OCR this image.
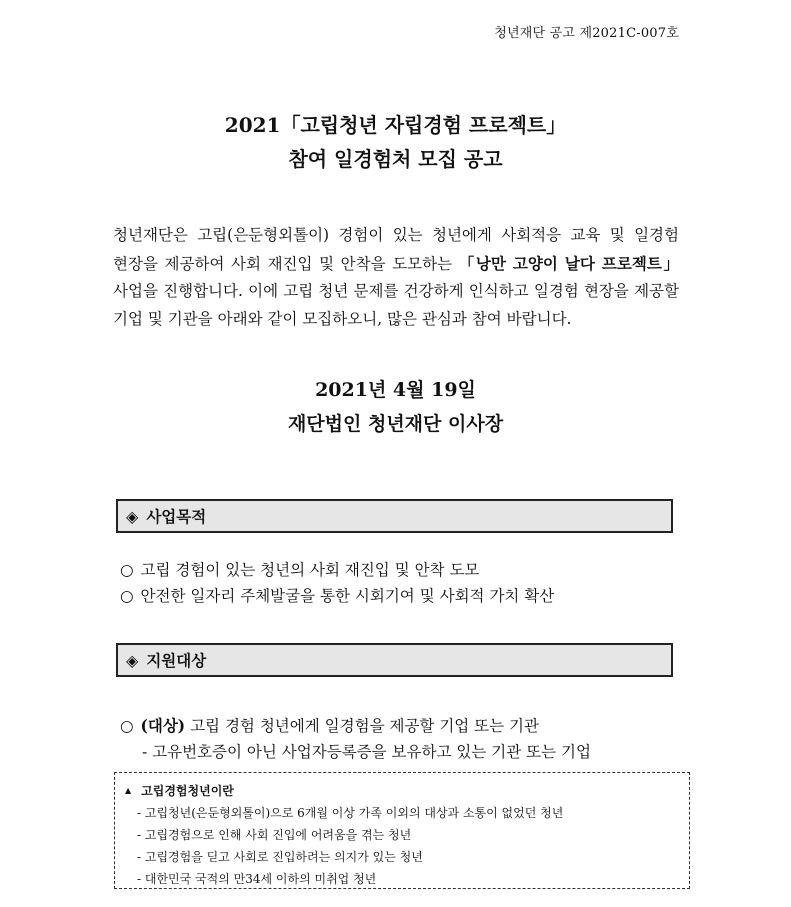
청년재단 공고 제2021C-007호
2021「고립청년 자립경험 프로젝트」
참여 일경험처 모집 공고
청년재단은 고립(은둔형외톨이) 경험이 있는 청년에게 사회적응 교육 및 일경험 현장을 제공하여 사회 재진입 및 안착을 도모하는 「낭만 고양이 날다 프로젝트」 사업을 진행합니다. 이에 고립 청년 문제를 건강하게 인식하고 일경험 현장을 제공할 기업 및 기관을 아래와 같이 모집하오니, 많은 관심과 참여 바랍니다.
2021년 4월 19일
재단법인 청년재단 이사장
◈ 사업목적
○ 고립 경험이 있는 청년의 사회 재진입 및 안착 도모
○ 안전한 일자리 주체발굴을 통한 시회기여 및 사회적 가치 확산
◈ 지원대상
○ (대상) 고립 경험 청년에게 일경험을 제공할 기업 또는 기관
- 고유번호증이 아닌 사업자등록증을 보유하고 있는 기관 또는 기업
▲ 고립경험청년이란
- 고립청년(은둔형외톨이)으로 6개월 이상 가족 이외의 대상과 소통이 없었던 청년
- 고립경험으로 인해 사회 진입에 어려움을 겪는 청년
- 고립경험을 딛고 사회로 진입하려는 의지가 있는 청년
- 대한민국 국적의 만34세 이하의 미취업 청년
